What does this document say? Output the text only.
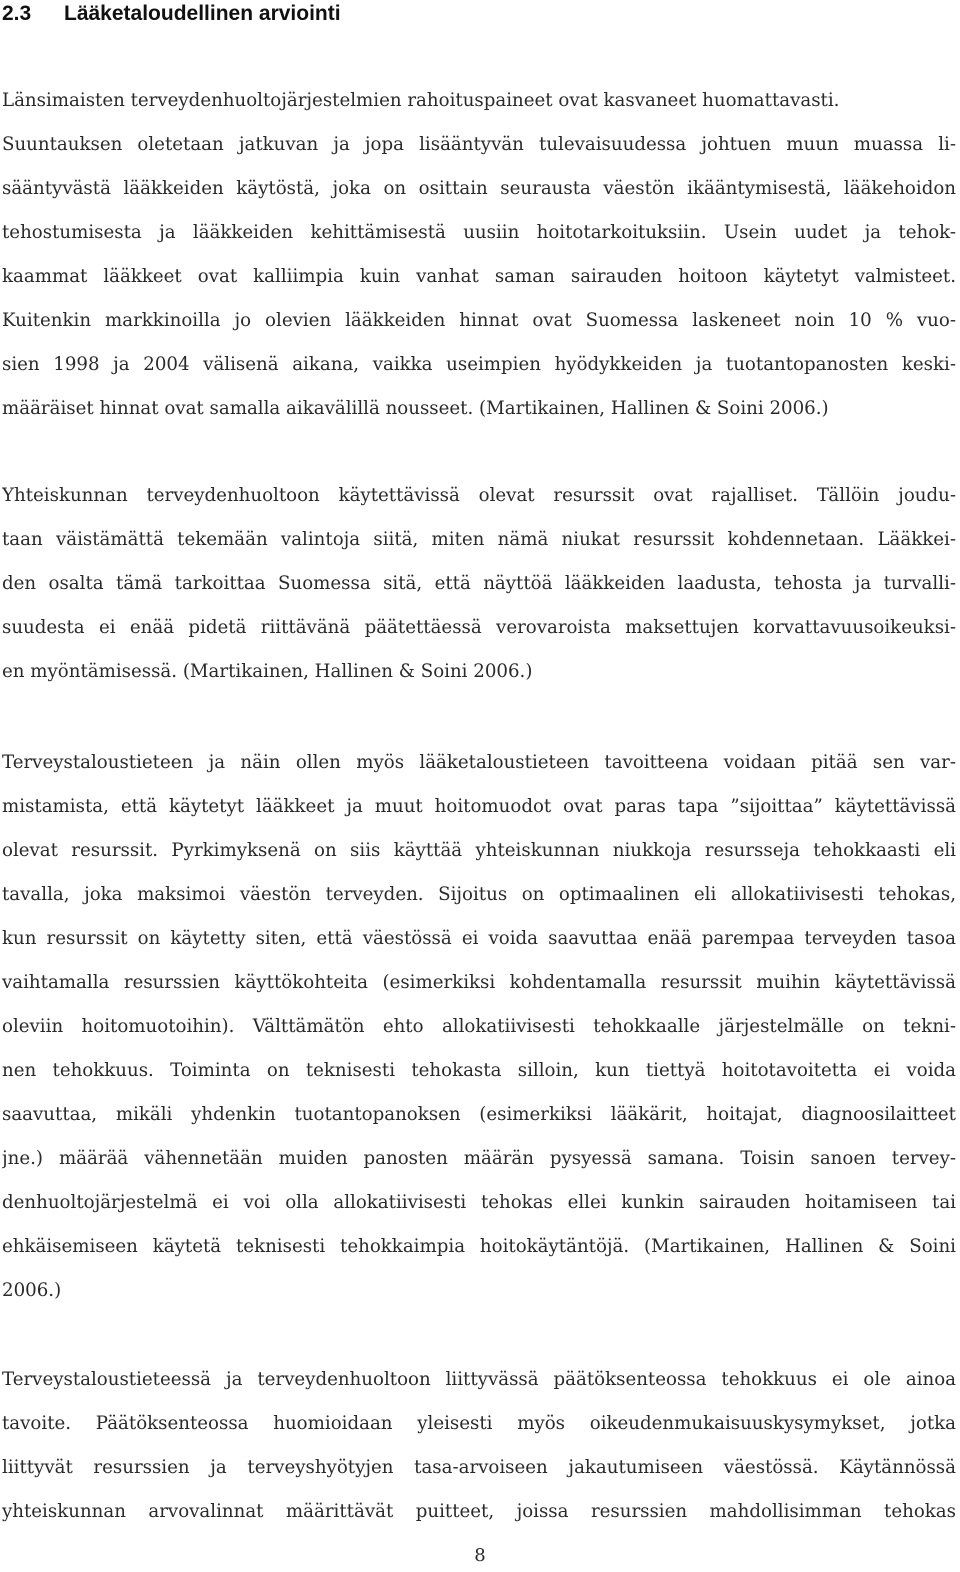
2.3 Lääketaloudellinen arviointi
Länsimaisten terveydenhuoltojärjestelmien rahoituspaineet ovat kasvaneet huomattavasti.
Suuntauksen oletetaan jatkuvan ja jopa lisääntyvän tulevaisuudessa johtuen muun muassa li-
sääntyvästä lääkkeiden käytöstä, joka on osittain seurausta väestön ikääntymisestä, lääkehoidon
tehostumisesta ja lääkkeiden kehittämisestä uusiin hoitotarkoituksiin. Usein uudet ja tehok-
kaammat lääkkeet ovat kalliimpia kuin vanhat saman sairauden hoitoon käytetyt valmisteet.
Kuitenkin markkinoilla jo olevien lääkkeiden hinnat ovat Suomessa laskeneet noin 10 % vuo-
sien 1998 ja 2004 välisenä aikana, vaikka useimpien hyödykkeiden ja tuotantopanosten keski-
määräiset hinnat ovat samalla aikavälillä nousseet. (Martikainen, Hallinen & Soini 2006.)
Yhteiskunnan terveydenhuoltoon käytettävissä olevat resurssit ovat rajalliset. Tällöin joudu-
taan väistämättä tekemään valintoja siitä, miten nämä niukat resurssit kohdennetaan. Lääkkei-
den osalta tämä tarkoittaa Suomessa sitä, että näyttöä lääkkeiden laadusta, tehosta ja turvalli-
suudesta ei enää pidetä riittävänä päätettäessä verovaroista maksettujen korvattavuusoikeuksi-
en myöntämisessä. (Martikainen, Hallinen & Soini 2006.)
Terveystaloustieteen ja näin ollen myös lääketaloustieteen tavoitteena voidaan pitää sen var-
mistamista, että käytetyt lääkkeet ja muut hoitomuodot ovat paras tapa ”sijoittaa” käytettävissä
olevat resurssit. Pyrkimyksenä on siis käyttää yhteiskunnan niukkoja resursseja tehokkaasti eli
tavalla, joka maksimoi väestön terveyden. Sijoitus on optimaalinen eli allokatiivisesti tehokas,
kun resurssit on käytetty siten, että väestössä ei voida saavuttaa enää parempaa terveyden tasoa
vaihtamalla resurssien käyttökohteita (esimerkiksi kohdentamalla resurssit muihin käytettävissä
oleviin hoitomuotoihin). Välttämätön ehto allokatiivisesti tehokkaalle järjestelmälle on tekni-
nen tehokkuus. Toiminta on teknisesti tehokasta silloin, kun tiettyä hoitotavoitetta ei voida
saavuttaa, mikäli yhdenkin tuotantopanoksen (esimerkiksi lääkärit, hoitajat, diagnoosilaitteet
jne.) määrää vähennetään muiden panosten määrän pysyessä samana. Toisin sanoen tervey-
denhuoltojärjestelmä ei voi olla allokatiivisesti tehokas ellei kunkin sairauden hoitamiseen tai
ehkäisemiseen käytetä teknisesti tehokkaimpia hoitokäytäntöjä. (Martikainen, Hallinen & Soini
2006.)
Terveystaloustieteessä ja terveydenhuoltoon liittyvässä päätöksenteossa tehokkuus ei ole ainoa
tavoite. Päätöksenteossa huomioidaan yleisesti myös oikeudenmukaisuuskysymykset, jotka
liittyvät resurssien ja terveyshyötyjen tasa-arvoiseen jakautumiseen väestössä. Käytännössä
yhteiskunnan arvovalinnat määrittävät puitteet, joissa resurssien mahdollisimman tehokas
8
